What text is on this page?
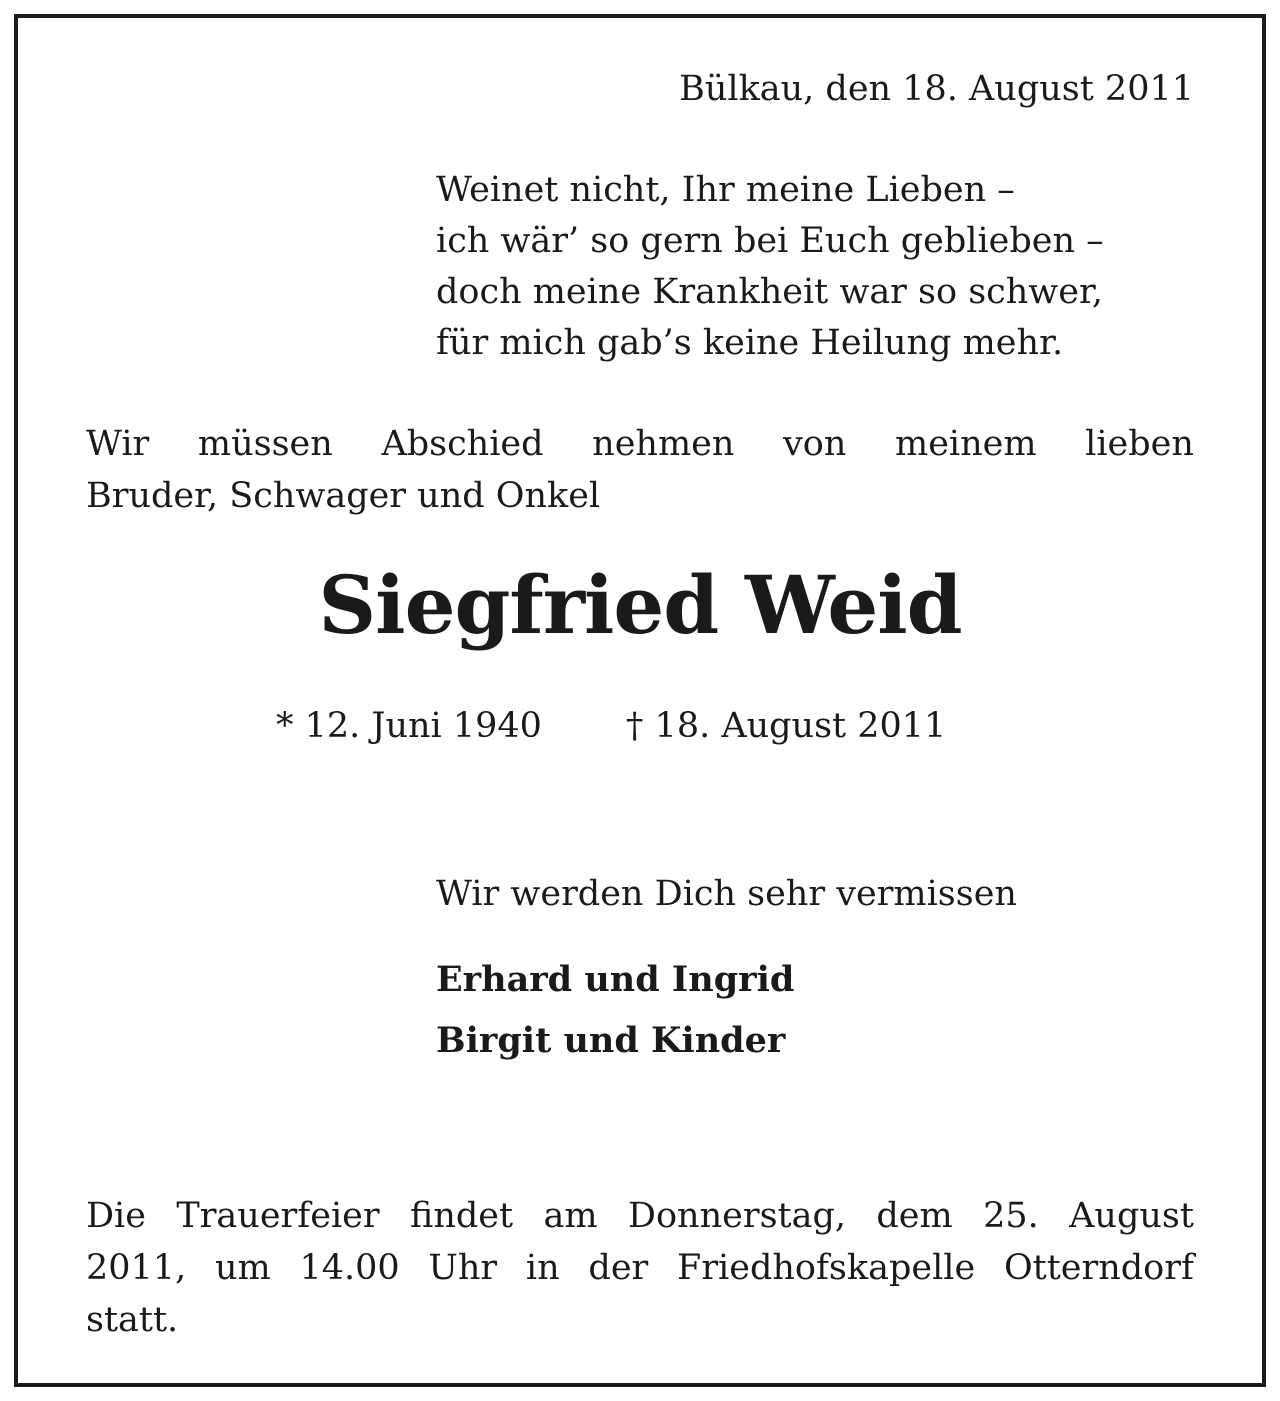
Bülkau, den 18. August 2011
Weinet nicht, Ihr meine Lieben –
ich wär’ so gern bei Euch geblieben –
doch meine Krankheit war so schwer,
für mich gab’s keine Heilung mehr.
Wir müssen Abschied nehmen von meinem lieben
Bruder, Schwager und Onkel
Siegfried Weid
* 12. Juni 1940 † 18. August 2011
Wir werden Dich sehr vermissen
Erhard und Ingrid
Birgit und Kinder
Die Trauerfeier findet am Donnerstag, dem 25. August
2011, um 14.00 Uhr in der Friedhofskapelle Otterndorf
statt.
